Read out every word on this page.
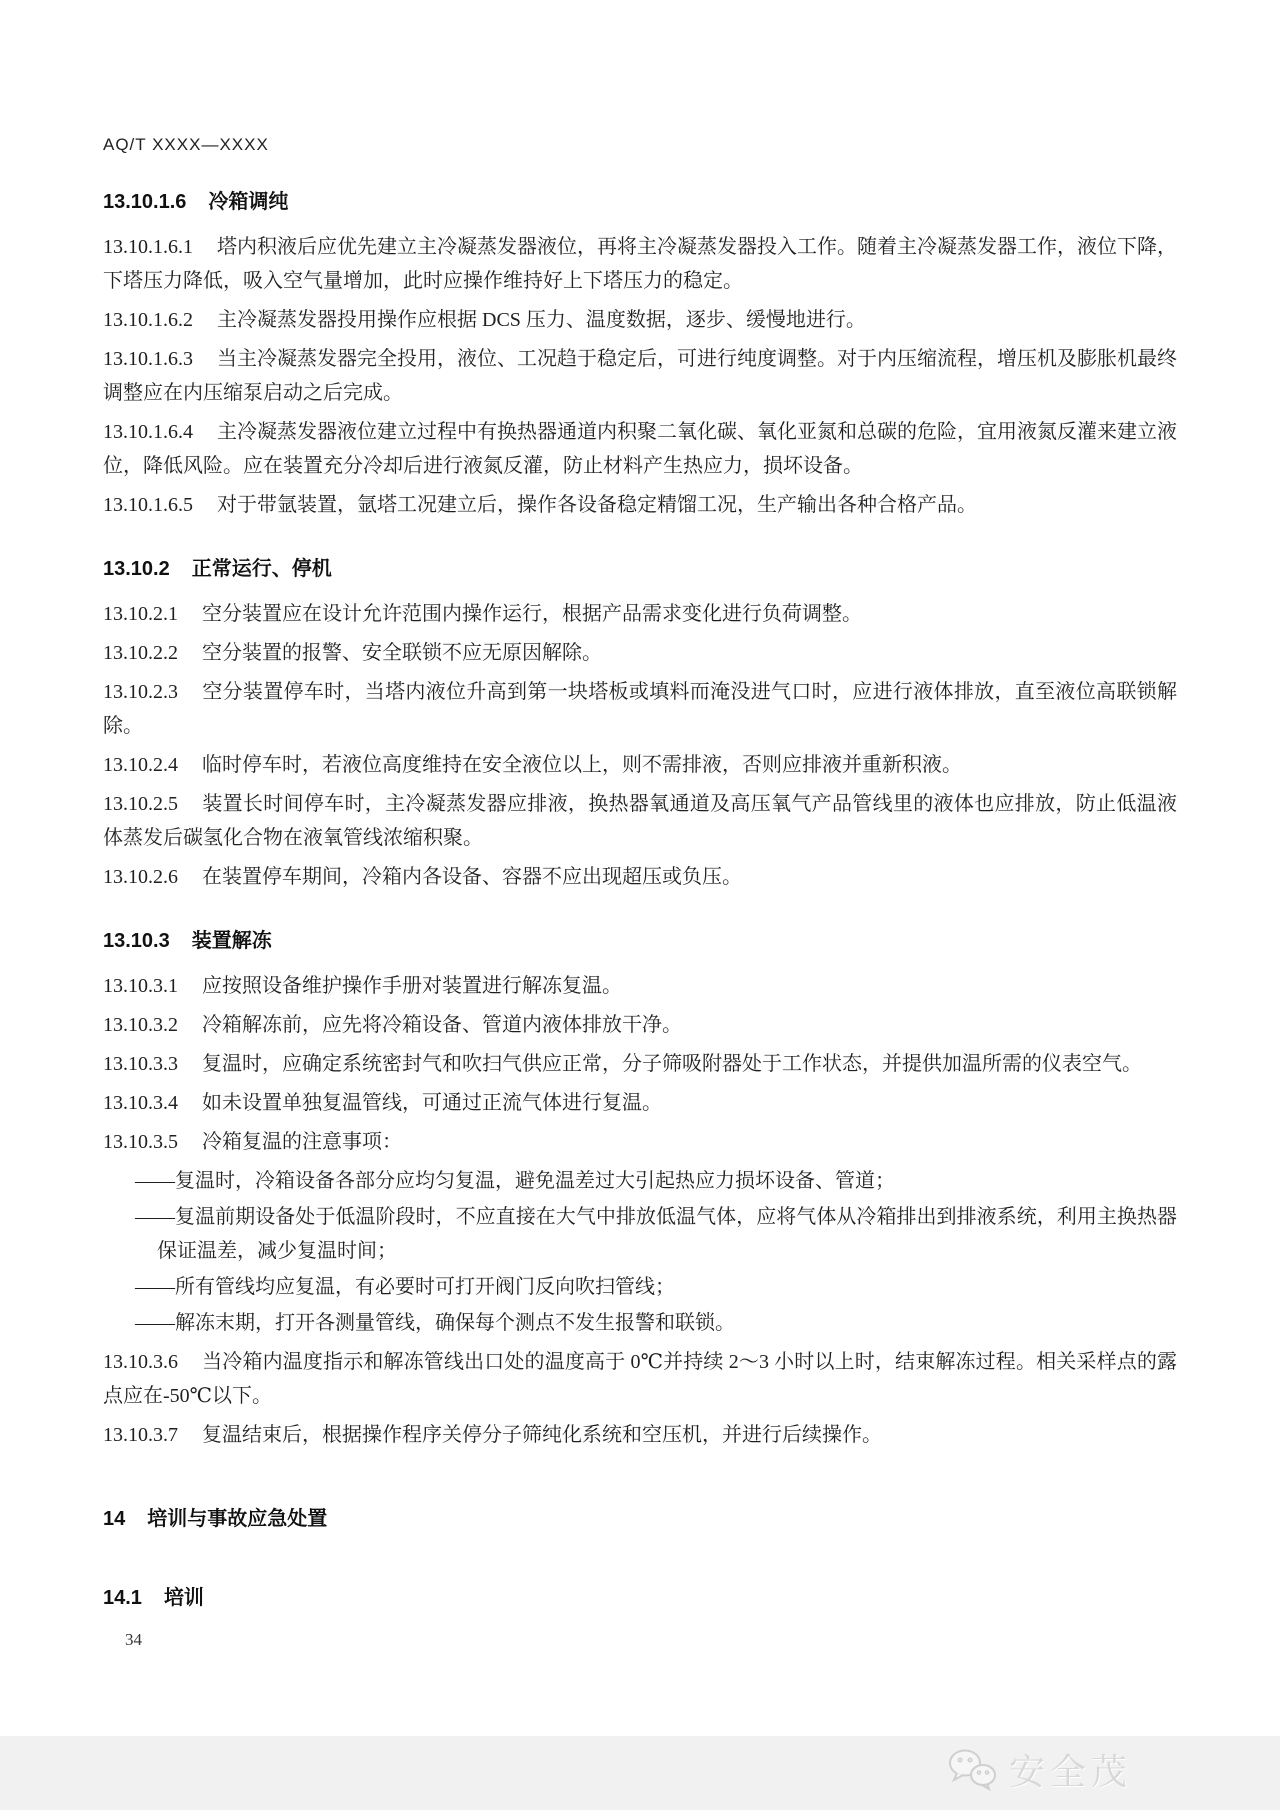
AQ/T XXXX—XXXX
13.10.1.6 冷箱调纯
13.10.1.6.1 塔内积液后应优先建立主冷凝蒸发器液位，再将主冷凝蒸发器投入工作。随着主冷凝蒸发器工作，液位下降，下塔压力降低，吸入空气量增加，此时应操作维持好上下塔压力的稳定。
13.10.1.6.2 主冷凝蒸发器投用操作应根据 DCS 压力、温度数据，逐步、缓慢地进行。
13.10.1.6.3 当主冷凝蒸发器完全投用，液位、工况趋于稳定后，可进行纯度调整。对于内压缩流程，增压机及膨胀机最终调整应在内压缩泵启动之后完成。
13.10.1.6.4 主冷凝蒸发器液位建立过程中有换热器通道内积聚二氧化碳、氧化亚氮和总碳的危险，宜用液氮反灌来建立液位，降低风险。应在装置充分冷却后进行液氮反灌，防止材料产生热应力，损坏设备。
13.10.1.6.5 对于带氩装置，氩塔工况建立后，操作各设备稳定精馏工况，生产输出各种合格产品。
13.10.2 正常运行、停机
13.10.2.1 空分装置应在设计允许范围内操作运行，根据产品需求变化进行负荷调整。
13.10.2.2 空分装置的报警、安全联锁不应无原因解除。
13.10.2.3 空分装置停车时，当塔内液位升高到第一块塔板或填料而淹没进气口时，应进行液体排放，直至液位高联锁解除。
13.10.2.4 临时停车时，若液位高度维持在安全液位以上，则不需排液，否则应排液并重新积液。
13.10.2.5 装置长时间停车时，主冷凝蒸发器应排液，换热器氧通道及高压氧气产品管线里的液体也应排放，防止低温液体蒸发后碳氢化合物在液氧管线浓缩积聚。
13.10.2.6 在装置停车期间，冷箱内各设备、容器不应出现超压或负压。
13.10.3 装置解冻
13.10.3.1 应按照设备维护操作手册对装置进行解冻复温。
13.10.3.2 冷箱解冻前，应先将冷箱设备、管道内液体排放干净。
13.10.3.3 复温时，应确定系统密封气和吹扫气供应正常，分子筛吸附器处于工作状态，并提供加温所需的仪表空气。
13.10.3.4 如未设置单独复温管线，可通过正流气体进行复温。
13.10.3.5 冷箱复温的注意事项：
——复温时，冷箱设备各部分应均匀复温，避免温差过大引起热应力损坏设备、管道；
——复温前期设备处于低温阶段时，不应直接在大气中排放低温气体，应将气体从冷箱排出到排液系统，利用主换热器保证温差，减少复温时间；
——所有管线均应复温，有必要时可打开阀门反向吹扫管线；
——解冻末期，打开各测量管线，确保每个测点不发生报警和联锁。
13.10.3.6 当冷箱内温度指示和解冻管线出口处的温度高于 0℃并持续 2～3 小时以上时，结束解冻过程。相关采样点的露点应在-50℃以下。
13.10.3.7 复温结束后，根据操作程序关停分子筛纯化系统和空压机，并进行后续操作。
14 培训与事故应急处置
14.1 培训
34
安全茂
